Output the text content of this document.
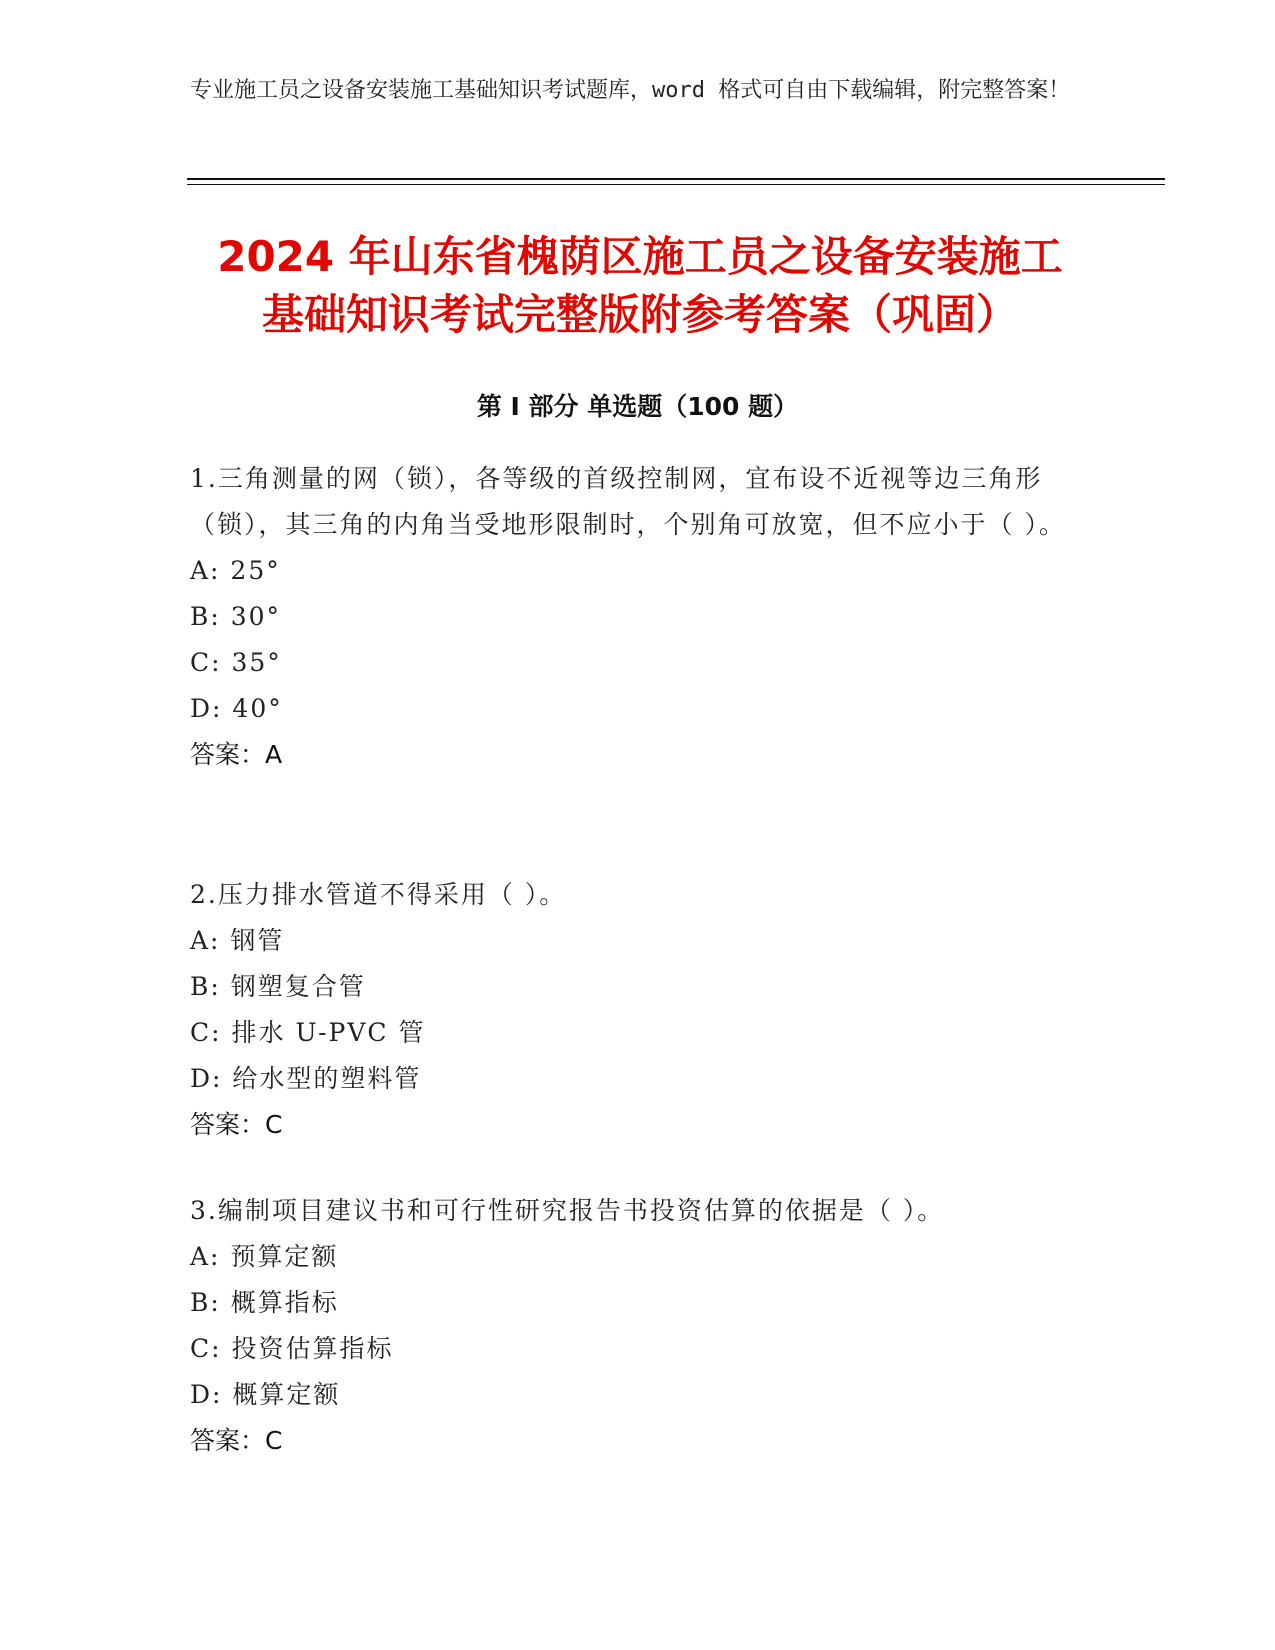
专业施工员之设备安装施工基础知识考试题库，word 格式可自由下载编辑，附完整答案！
2024 年山东省槐荫区施工员之设备安装施工
基础知识考试完整版附参考答案（巩固）
第 I 部分 单选题（100 题）
1.三角测量的网（锁），各等级的首级控制网，宜布设不近视等边三角形（锁），其三角的内角当受地形限制时，个别角可放宽，但不应小于（ ）。
A: 25°
B: 30°
C: 35°
D: 40°
答案：A
2.压力排水管道不得采用（ ）。
A: 钢管
B: 钢塑复合管
C: 排水 U-PVC 管
D: 给水型的塑料管
答案：C
3.编制项目建议书和可行性研究报告书投资估算的依据是（ ）。
A: 预算定额
B: 概算指标
C: 投资估算指标
D: 概算定额
答案：C
